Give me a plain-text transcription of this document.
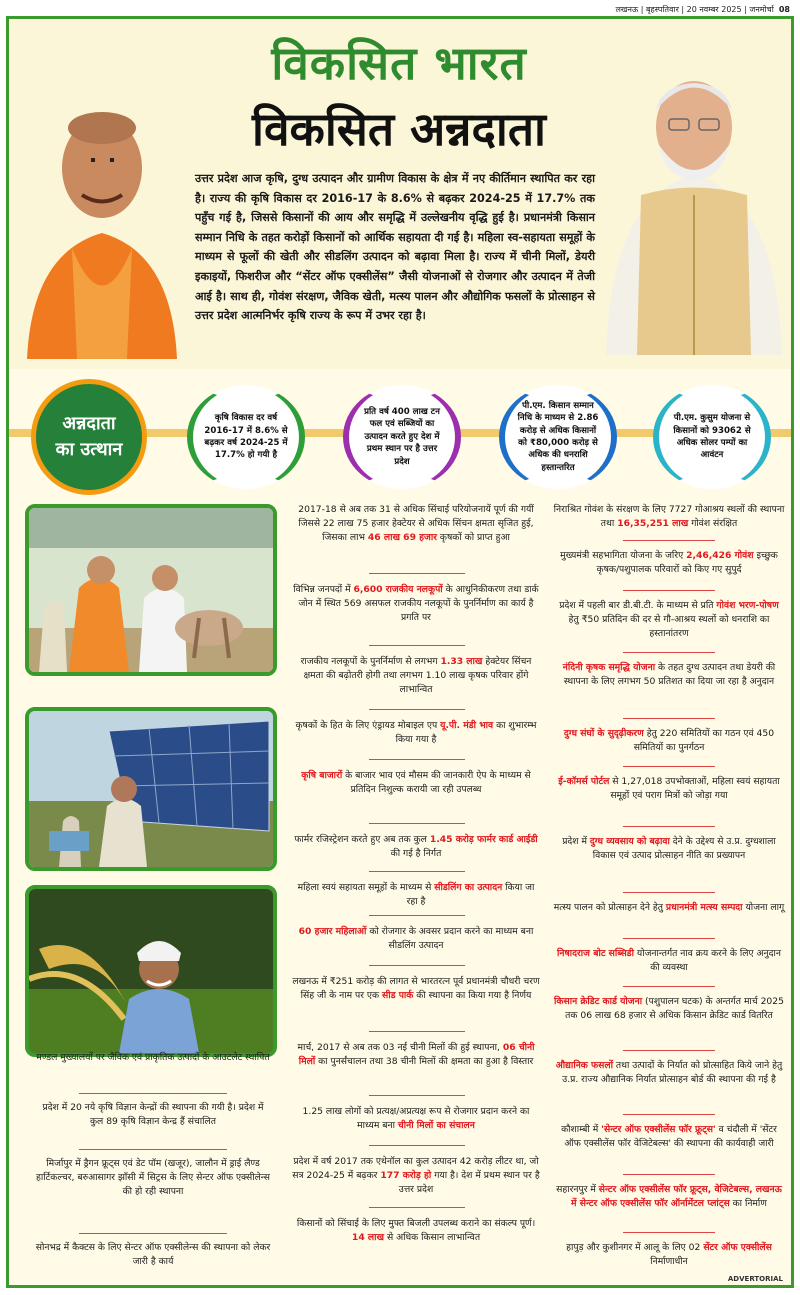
लखनऊ | बृहस्पतिवार | 20 नवम्बर 2025 | जनमोर्चा 08
विकसित भारत
विकसित अन्नदाता
उत्तर प्रदेश आज कृषि, दुग्ध उत्पादन और ग्रामीण विकास के क्षेत्र में नए कीर्तिमान स्थापित कर रहा है। राज्य की कृषि विकास दर 2016-17 के 8.6% से बढ़कर 2024-25 में 17.7% तक पहुँच गई है, जिससे किसानों की आय और समृद्धि में उल्लेखनीय वृद्धि हुई है। प्रधानमंत्री किसान सम्मान निधि के तहत करोड़ों किसानों को आर्थिक सहायता दी गई है। महिला स्व-सहायता समूहों के माध्यम से फूलों की खेती और सीडलिंग उत्पादन को बढ़ावा मिला है। राज्य में चीनी मिलों, डेयरी इकाइयों, फिशरीज और “सेंटर ऑफ एक्सीलेंस” जैसी योजनाओं से रोजगार और उत्पादन में तेजी आई है। साथ ही, गोवंश संरक्षण, जैविक खेती, मत्स्य पालन और औद्योगिक फसलों के प्रोत्साहन से उत्तर प्रदेश आत्मनिर्भर कृषि राज्य के रूप में उभर रहा है।
अन्नदाता
का उत्थान
कृषि विकास दर वर्ष 2016-17 में 8.6% से बढ़कर वर्ष 2024-25 में 17.7% हो गयी है
प्रति वर्ष 400 लाख टन फल एवं सब्जियों का उत्पादन करते हुए देश में प्रथम स्थान पर है उत्तर प्रदेश
पी.एम. किसान सम्मान निधि के माध्यम से 2.86 करोड़ से अधिक किसानों को ₹80,000 करोड़ से अधिक की धनराशि हस्तान्तरित
पी.एम. कुसुम योजना से किसानों को 93062 से अधिक सोलर पम्पों का आवंटन
ADVERTORIAL
मण्डल मुख्यालयों पर जैविक एवं प्राकृतिक उत्पादों के आउटलेट स्थापित
प्रदेश में 20 नये कृषि विज्ञान केन्द्रों की स्थापना की गयी है। प्रदेश में कुल 89 कृषि विज्ञान केन्द्र हैं संचालित
मिर्जापुर में ड्रैगन फ्रूट्स एवं डेट पॉम (खजूर), जालौन में ड्राई लैण्ड हार्टिकल्चर, बरुआसागर झाँसी में सिट्रस के लिए सेन्टर ऑफ एक्सीलेन्स की हो रही स्थापना
सोनभद्र में कैक्टस के लिए सेन्टर ऑफ एक्सीलेन्स की स्थापना को लेकर जारी है कार्य
2017-18 से अब तक 31 से अधिक सिंचाई परियोजनायें पूर्ण की गयीं जिससे 22 लाख 75 हजार हेक्टेयर से अधिक सिंचन क्षमता सृजित हुई, जिसका लाभ 46 लाख 69 हजार कृषकों को प्राप्त हुआ
विभिन्न जनपदों में 6,600 राजकीय नलकूपों के आधुनिकीकरण तथा डार्क जोन में स्थित 569 असफल राजकीय नलकूपों के पुनर्निर्माण का कार्य है प्रगति पर
राजकीय नलकूपों के पुनर्निर्माण से लगभग 1.33 लाख हेक्टेयर सिंचन क्षमता की बढ़ोतरी होगी तथा लगभग 1.10 लाख कृषक परिवार होंगे लाभान्वित
कृषकों के हित के लिए एंड्रायड मोबाइल एप यू.पी. मंडी भाव का शुभारम्भ किया गया है
कृषि बाजारों के बाजार भाव एवं मौसम की जानकारी ऐप के माध्यम से प्रतिदिन निशुल्क करायी जा रही उपलब्ध
फार्मर रजिस्ट्रेशन करते हुए अब तक कुल 1.45 करोड़ फार्मर कार्ड आईडी की गई है निर्गत
महिला स्वयं सहायता समूहों के माध्यम से सीडलिंग का उत्पादन किया जा रहा है
60 हजार महिलाओं को रोजगार के अवसर प्रदान करने का माध्यम बना सीडलिंग उत्पादन
लखनऊ में ₹251 करोड़ की लागत से भारतरत्न पूर्व प्रधानमंत्री चौधरी चरण सिंह जी के नाम पर एक सीड पार्क की स्थापना का किया गया है निर्णय
मार्च, 2017 से अब तक 03 नई चीनी मिलों की हुई स्थापना, 06 चीनी मिलों का पुनर्संचालन तथा 38 चीनी मिलों की क्षमता का हुआ है विस्तार
1.25 लाख लोगों को प्रत्यक्ष/अप्रत्यक्ष रूप से रोजगार प्रदान करने का माध्यम बना चीनी मिलों का संचालन
प्रदेश में वर्ष 2017 तक एथेनॉल का कुल उत्पादन 42 करोड़ लीटर था, जो सत्र 2024-25 में बढ़कर 177 करोड़ हो गया है। देश में प्रथम स्थान पर है उत्तर प्रदेश
किसानों को सिंचाई के लिए मुफ्त बिजली उपलब्ध कराने का संकल्प पूर्ण। 14 लाख से अधिक किसान लाभान्वित
निराश्रित गोवंश के संरक्षण के लिए 7727 गोआश्रय स्थलों की स्थापना तथा 16,35,251 लाख गोवंश संरक्षित
मुख्यमंत्री सहभागिता योजना के जरिए 2,46,426 गोवंश इच्छुक कृषक/पशुपालक परिवारों को किए गए सुपुर्द
प्रदेश में पहली बार डी.बी.टी. के माध्यम से प्रति गोवंश भरण-पोषण हेतु ₹50 प्रतिदिन की दर से गौ-आश्रय स्थलों को धनराशि का हस्तानांतरण
नंदिनी कृषक समृद्धि योजना के तहत दुग्ध उत्पादन तथा डेयरी की स्थापना के लिए लगभग 50 प्रतिशत का दिया जा रहा है अनुदान
दुग्ध संघों के सुदृढ़ीकरण हेतु 220 समितियों का गठन एवं 450 समितियों का पुनर्गठन
ई-कॉमर्स पोर्टल से 1,27,018 उपभोक्ताओं, महिला स्वयं सहायता समूहों एवं पराग मित्रों को जोड़ा गया
प्रदेश में दुग्ध व्यवसाय को बढ़ावा देने के उद्देश्य से उ.प्र. दुग्धशाला विकास एवं उत्पाद प्रोत्साहन नीति का प्रख्यापन
मत्स्य पालन को प्रोत्साहन देने हेतु प्रधानमंत्री मत्स्य सम्पदा योजना लागू
निषादराज बोट सब्सिडी योजनान्तर्गत नाव क्रय करने के लिए अनुदान की व्यवस्था
किसान क्रेडिट कार्ड योजना (पशुपालन घटक) के अन्तर्गत मार्च 2025 तक 06 लाख 68 हजार से अधिक किसान क्रेडिट कार्ड वितरित
औद्यानिक फसलों तथा उत्पादों के निर्यात को प्रोत्साहित किये जाने हेतु उ.प्र. राज्य औद्यानिक निर्यात प्रोत्साहन बोर्ड की स्थापना की गई है
कौशाम्बी में 'सेन्टर ऑफ एक्सीलेंस फॉर फ्रूट्स' व चंदौली में 'सेंटर ऑफ एक्सीलेंस फॉर वेजिटेबल्स' की स्थापना की कार्यवाही जारी
सहारनपुर में सेन्टर ऑफ एक्सीलेंस फॉर फ्रूट्स, वेजिटेबल्स, लखनऊ में सेन्टर ऑफ एक्सीलेंस फॉर ऑर्नामेंटल प्लांट्स का निर्माण
हापुड़ और कुशीनगर में आलू के लिए 02 सेंटर ऑफ एक्सीलेंस निर्माणाधीन
